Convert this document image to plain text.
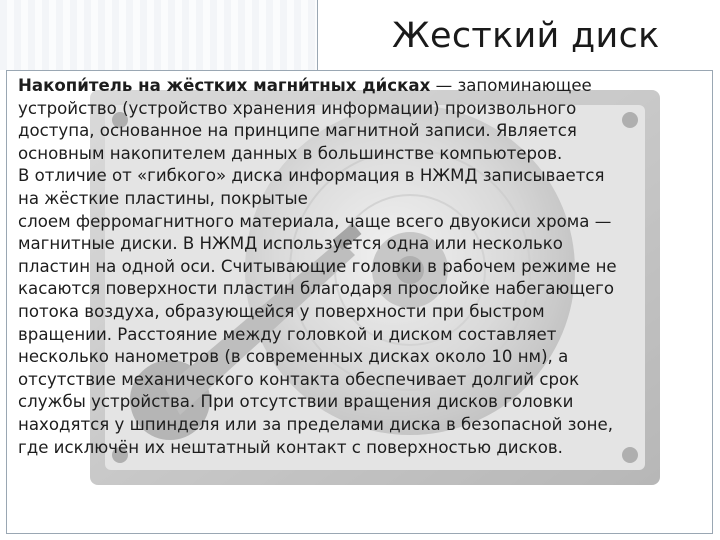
Жесткий диск
Накопи́тель на жёстких магни́тных ди́сках — запоминающее
устройство (устройство хранения информации) произвольного
доступа, основанное на принципе магнитной записи. Является
основным накопителем данных в большинстве компьютеров.
В отличие от «гибкого» диска информация в НЖМД записывается
на жёсткие пластины, покрытые
слоем ферромагнитного материала, чаще всего двуокиси хрома —
магнитные диски. В НЖМД используется одна или несколько
пластин на одной оси. Считывающие головки в рабочем режиме не
касаются поверхности пластин благодаря прослойке набегающего
потока воздуха, образующейся у поверхности при быстром
вращении. Расстояние между головкой и диском составляет
несколько нанометров (в современных дисках около 10 нм), а
отсутствие механического контакта обеспечивает долгий срок
службы устройства. При отсутствии вращения дисков головки
находятся у шпинделя или за пределами диска в безопасной зоне,
где исключён их нештатный контакт с поверхностью дисков.
